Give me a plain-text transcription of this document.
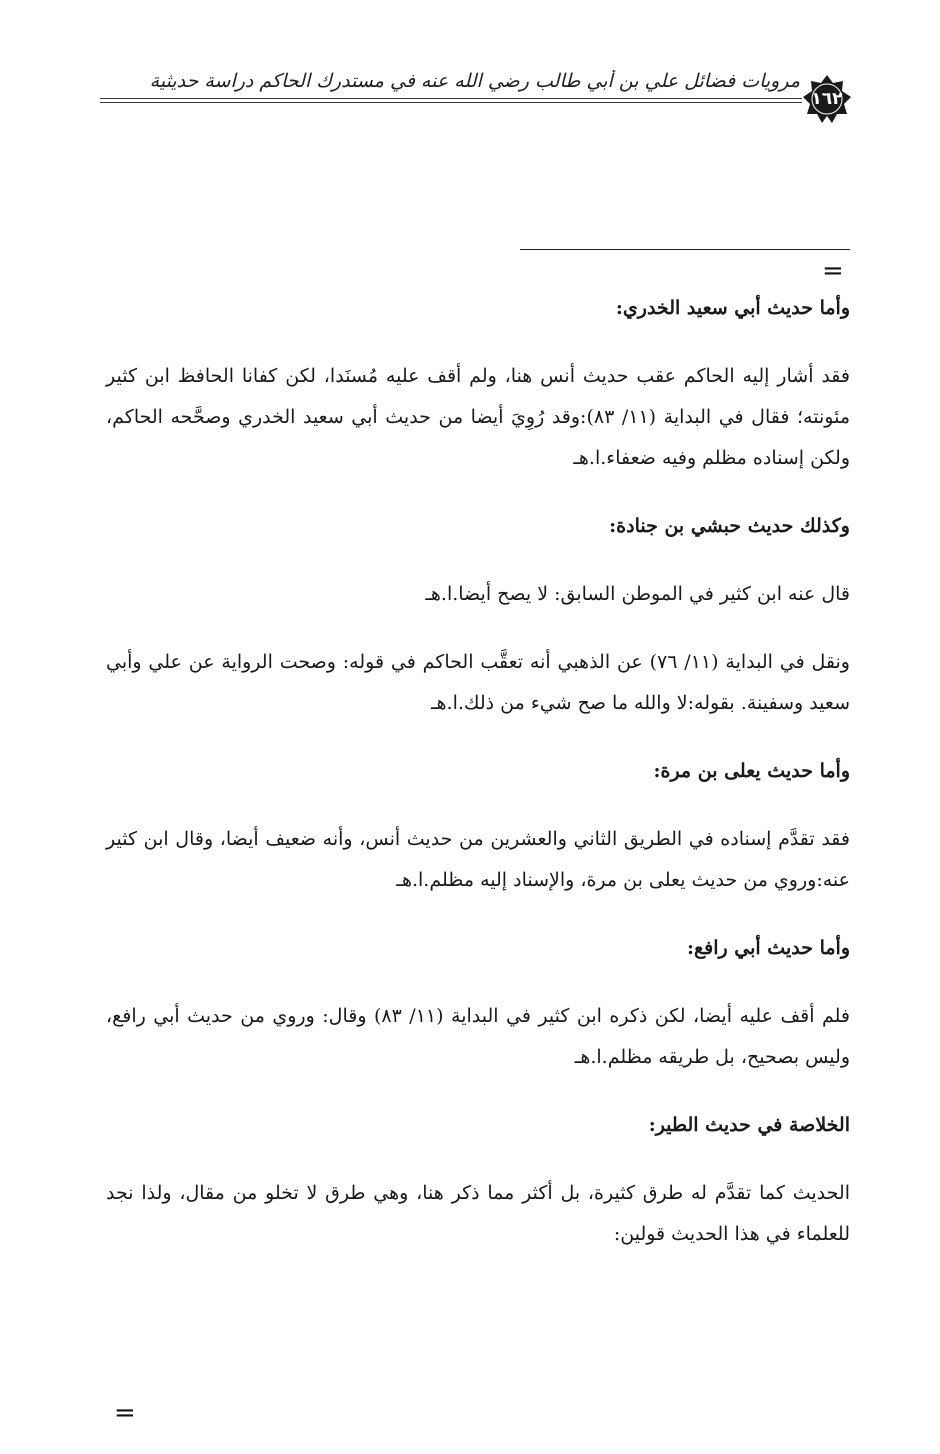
مرويات فضائل علي بن أبي طالب رضي الله عنه في مستدرك الحاكم دراسة حديثية
١٦٢
=
وأما حديث أبي سعيد الخدري:
فقد أشار إليه الحاكم عقب حديث أنس هنا، ولم أقف عليه مُسنَدا، لكن كفانا الحافظ ابن كثير مئونته؛ فقال في البداية (١١/ ٨٣):وقد رُوِيَ أيضا من حديث أبي سعيد الخدري وصحَّحه الحاكم، ولكن إسناده مظلم وفيه ضعفاء.ا.هـ
وكذلك حديث حبشي بن جنادة:
قال عنه ابن كثير في الموطن السابق: لا يصح أيضا.ا.هـ
ونقل في البداية (١١/ ٧٦) عن الذهبي أنه تعقَّب الحاكم في قوله: وصحت الرواية عن علي وأبي سعيد وسفينة. بقوله:لا والله ما صح شيء من ذلك.ا.هـ
وأما حديث يعلى بن مرة:
فقد تقدَّم إسناده في الطريق الثاني والعشرين من حديث أنس، وأنه ضعيف أيضا، وقال ابن كثير عنه:وروي من حديث يعلى بن مرة، والإسناد إليه مظلم.ا.هـ
وأما حديث أبي رافع:
فلم أقف عليه أيضا، لكن ذكره ابن كثير في البداية (١١/ ٨٣) وقال: وروي من حديث أبي رافع، وليس بصحيح، بل طريقه مظلم.ا.هـ
الخلاصة في حديث الطير:
الحديث كما تقدَّم له طرق كثيرة، بل أكثر مما ذكر هنا، وهي طرق لا تخلو من مقال، ولذا نجد للعلماء في هذا الحديث قولين:
=
